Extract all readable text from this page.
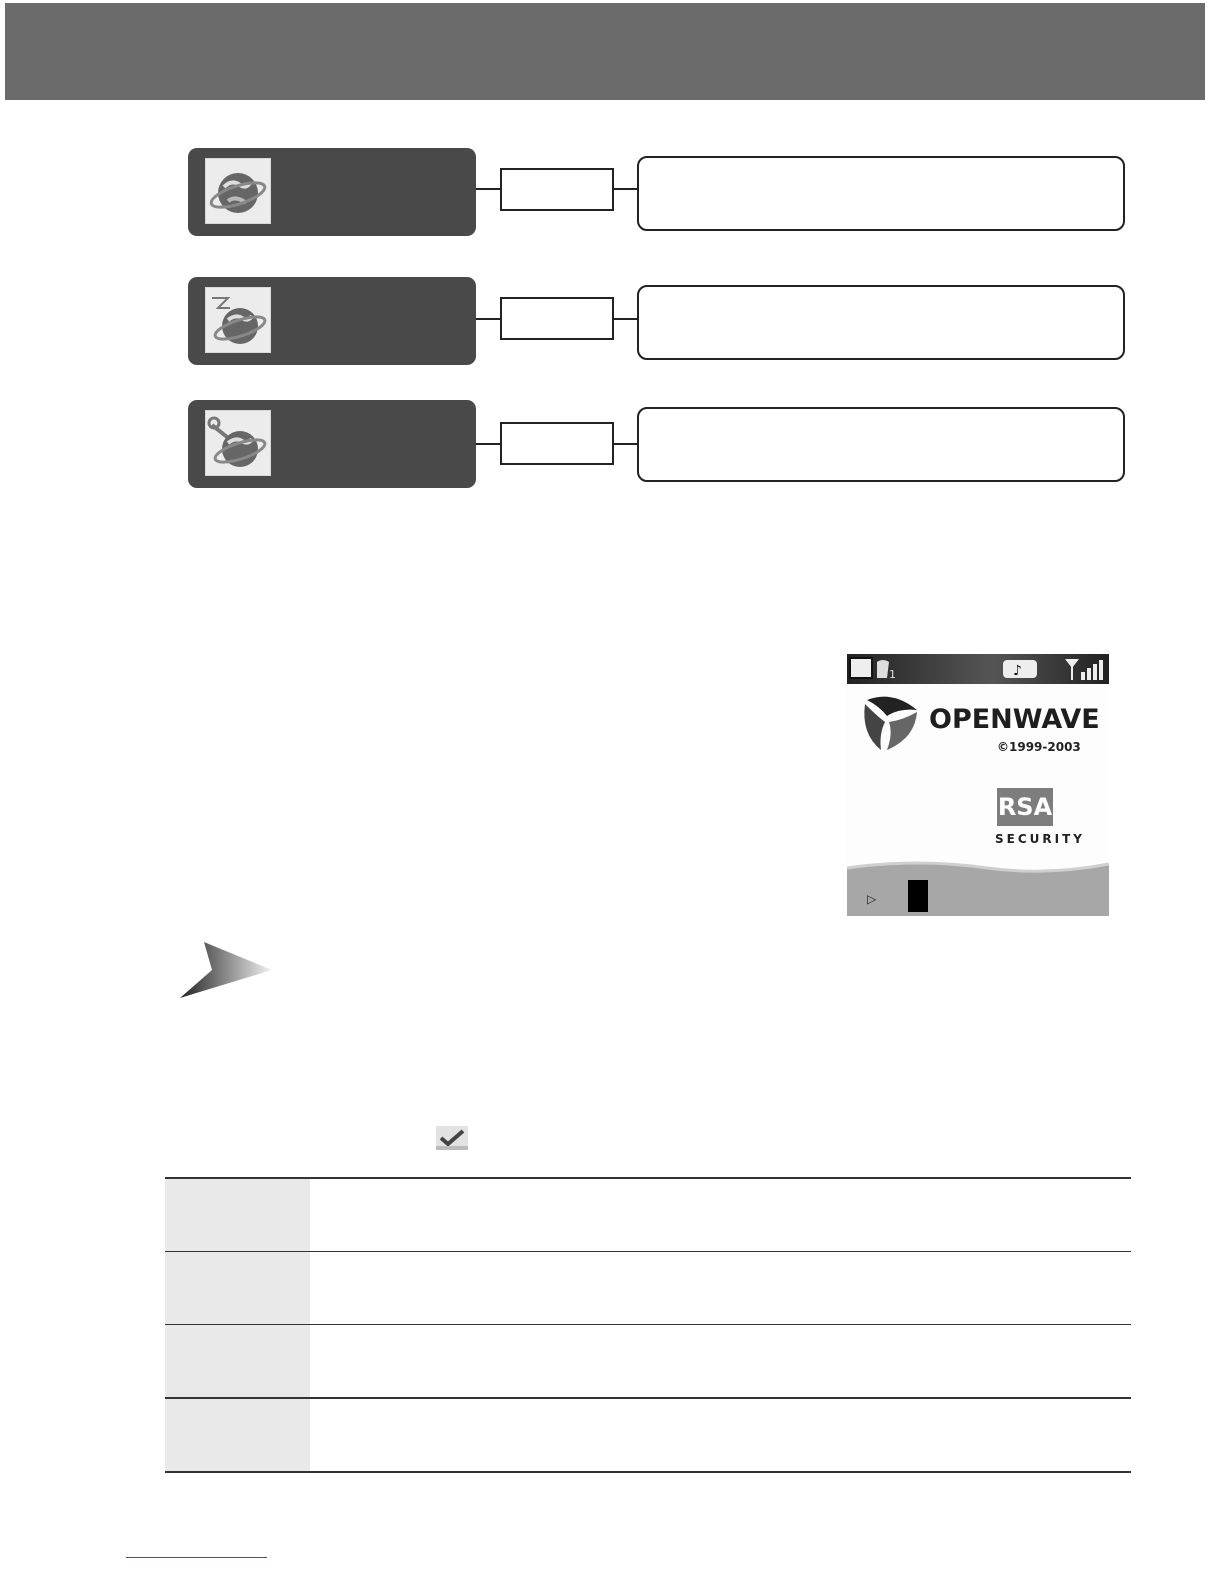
1	♪
OPENWAVE
©1999-2003
RSA
SECURITY
▷
